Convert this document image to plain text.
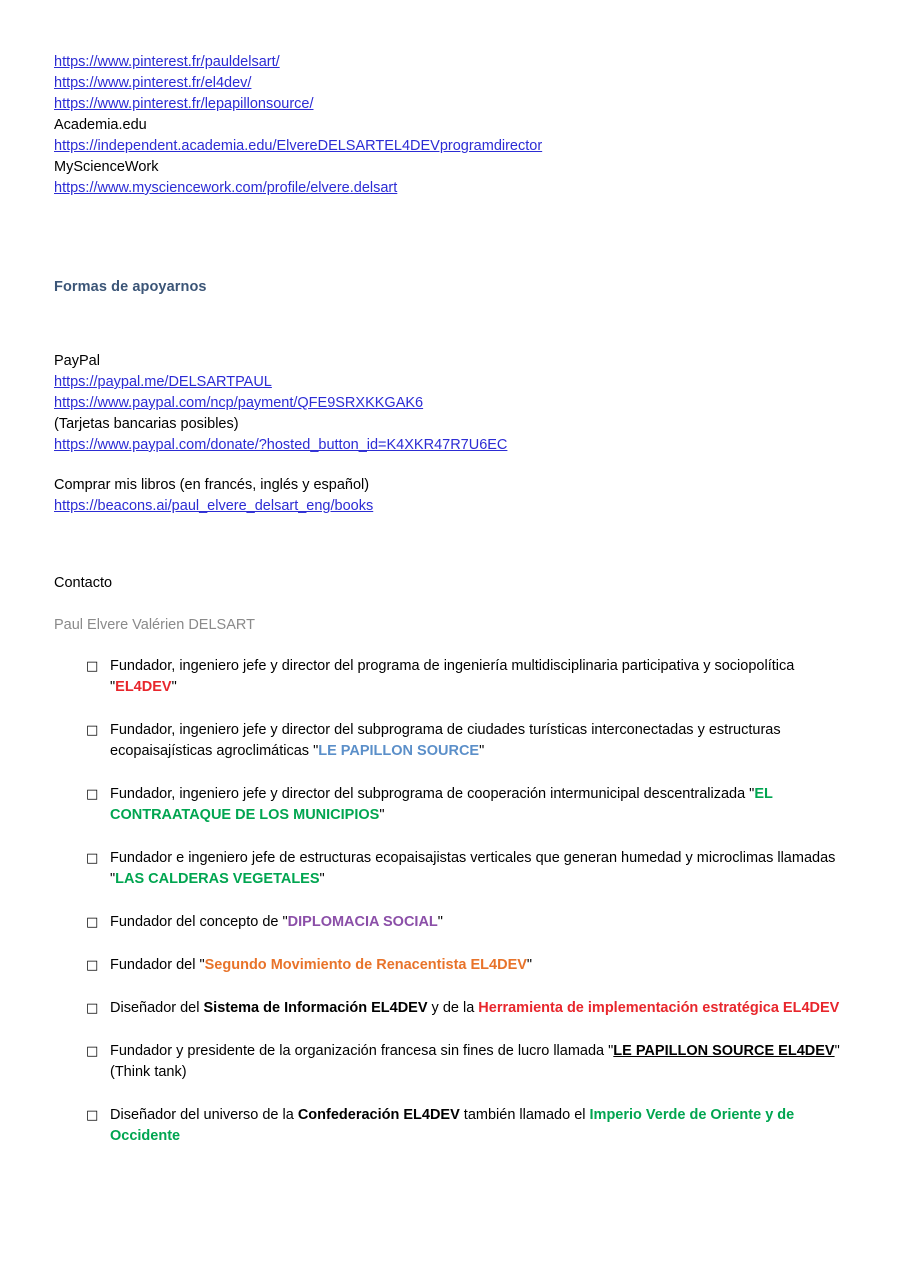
https://www.pinterest.fr/pauldelsart/
https://www.pinterest.fr/el4dev/
https://www.pinterest.fr/lepapillonsource/
Academia.edu
https://independent.academia.edu/ElvereDELSARTEL4DEVprogramdirector
MyScienceWork
https://www.mysciencework.com/profile/elvere.delsart
Formas de apoyarnos
PayPal
https://paypal.me/DELSARTPAUL
https://www.paypal.com/ncp/payment/QFE9SRXKKGAK6
(Tarjetas bancarias posibles)
https://www.paypal.com/donate/?hosted_button_id=K4XKR47R7U6EC
Comprar mis libros (en francés, inglés y español)
https://beacons.ai/paul_elvere_delsart_eng/books
Contacto
Paul Elvere Valérien DELSART
□ Fundador, ingeniero jefe y director del programa de ingeniería multidisciplinaria participativa y sociopolítica "EL4DEV"
□ Fundador, ingeniero jefe y director del subprograma de ciudades turísticas interconectadas y estructuras ecopaisajísticas agroclimáticas "LE PAPILLON SOURCE"
□ Fundador, ingeniero jefe y director del subprograma de cooperación intermunicipal descentralizada "EL CONTRAATAQUE DE LOS MUNICIPIOS"
□ Fundador e ingeniero jefe de estructuras ecopaisajistas verticales que generan humedad y microclimas llamadas "LAS CALDERAS VEGETALES"
□ Fundador del concepto de "DIPLOMACIA SOCIAL"
□ Fundador del "Segundo Movimiento de Renacentista EL4DEV"
□ Diseñador del Sistema de Información EL4DEV y de la Herramienta de implementación estratégica EL4DEV
□ Fundador y presidente de la organización francesa sin fines de lucro llamada "LE PAPILLON SOURCE EL4DEV" (Think tank)
□ Diseñador del universo de la Confederación EL4DEV también llamado el Imperio Verde de Oriente y de Occidente
